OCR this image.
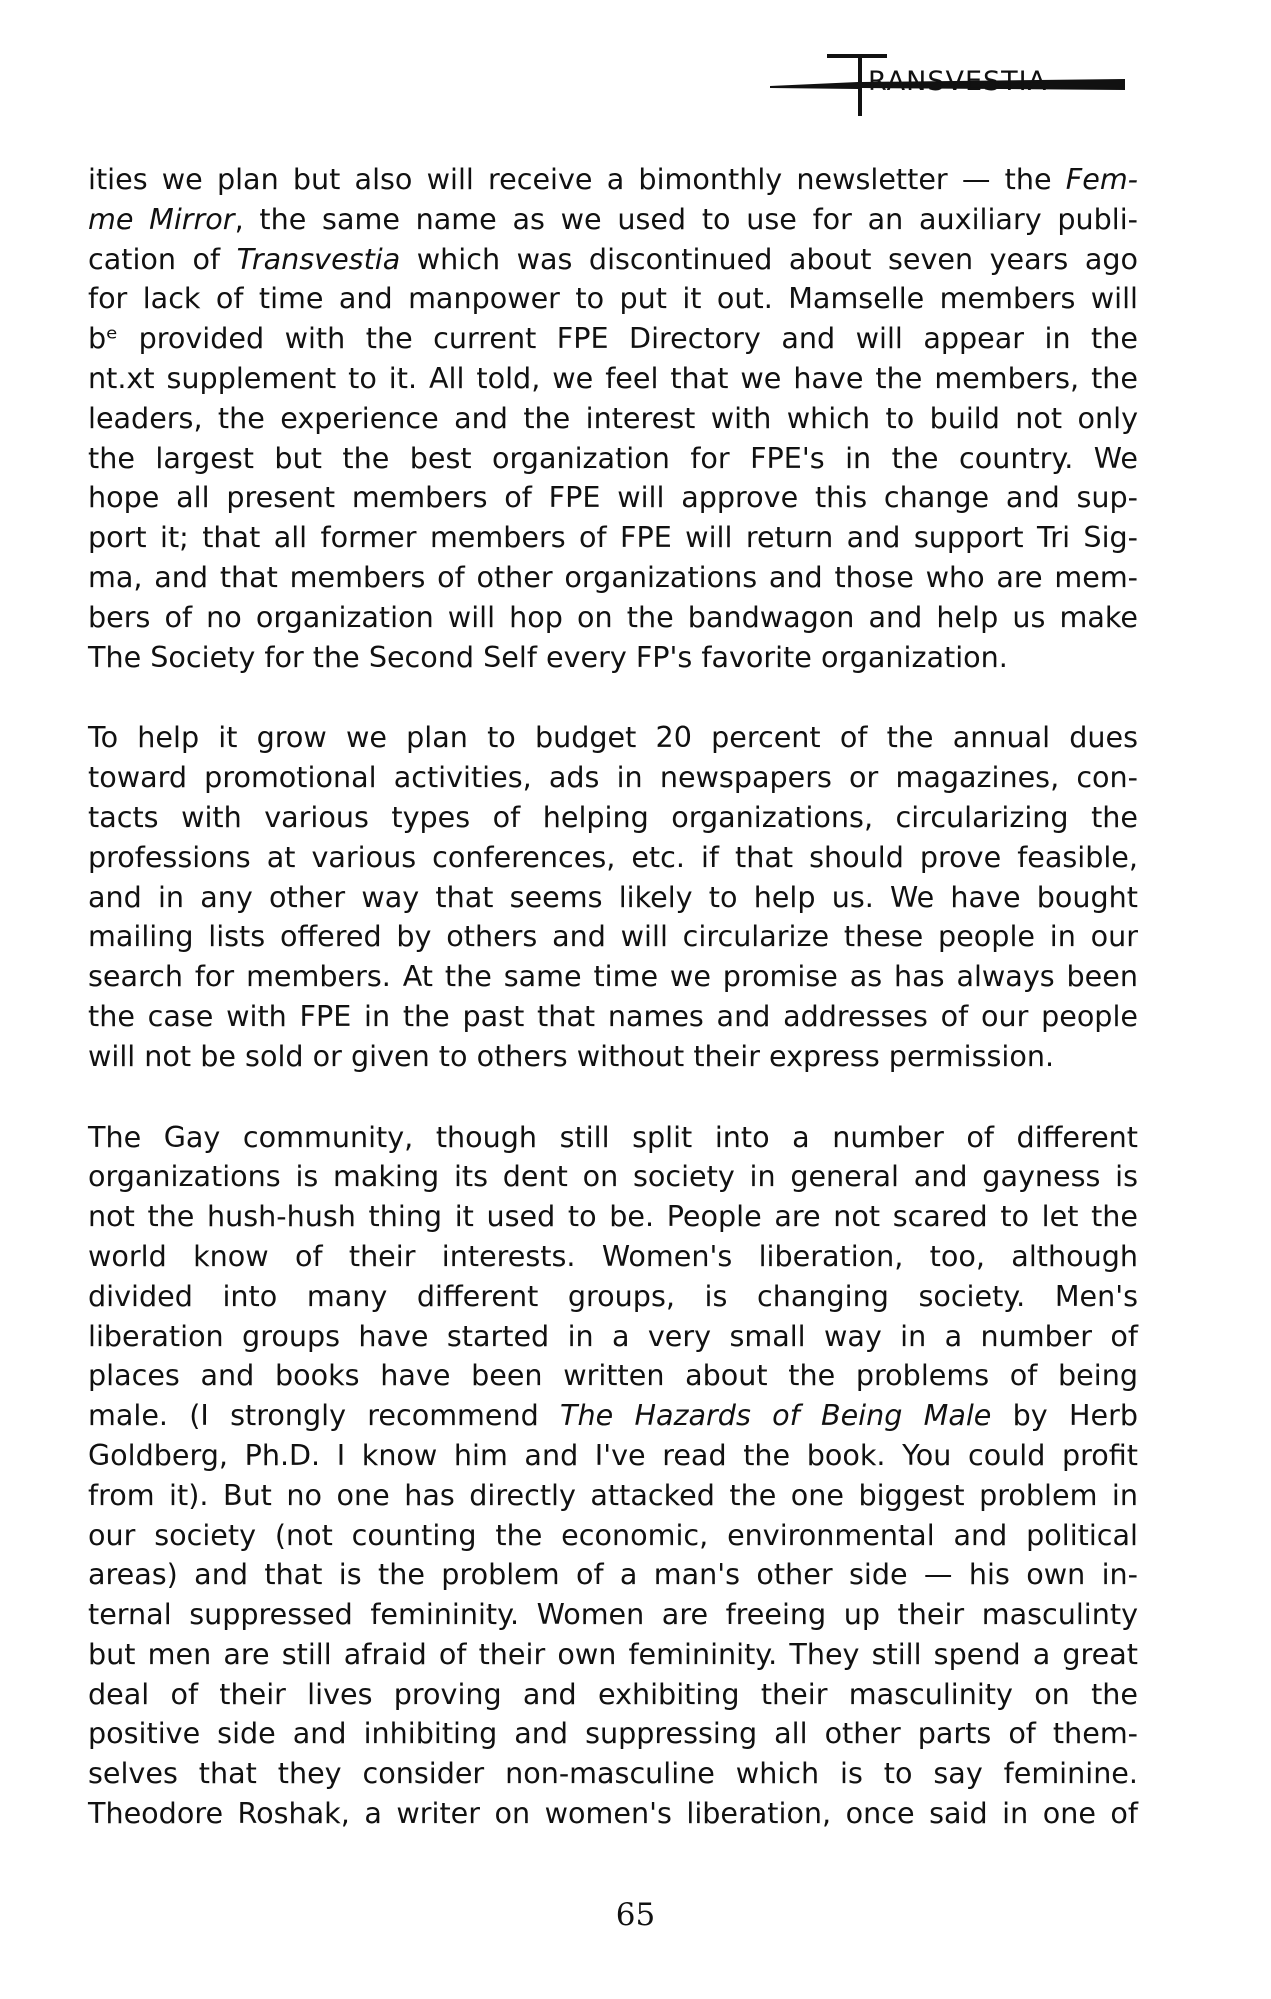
RANSVESTIA

ities we plan but also will receive a bimonthly newsletter — the Fem-
me Mirror, the same name as we used to use for an auxiliary publi-
cation of Transvestia which was discontinued about seven years ago
for lack of time and manpower to put it out. Mamselle members will
bᵉ provided with the current FPE Directory and will appear in the
nt.xt supplement to it. All told, we feel that we have the members, the
leaders, the experience and the interest with which to build not only
the largest but the best organization for FPE's in the country. We
hope all present members of FPE will approve this change and sup-
port it; that all former members of FPE will return and support Tri Sig-
ma, and that members of other organizations and those who are mem-
bers of no organization will hop on the bandwagon and help us make
The Society for the Second Self every FP's favorite organization.

To help it grow we plan to budget 20 percent of the annual dues
toward promotional activities, ads in newspapers or magazines, con-
tacts with various types of helping organizations, circularizing the
professions at various conferences, etc. if that should prove feasible,
and in any other way that seems likely to help us. We have bought
mailing lists offered by others and will circularize these people in our
search for members. At the same time we promise as has always been
the case with FPE in the past that names and addresses of our people
will not be sold or given to others without their express permission.

The Gay community, though still split into a number of different
organizations is making its dent on society in general and gayness is
not the hush-hush thing it used to be. People are not scared to let the
world know of their interests. Women's liberation, too, although
divided into many different groups, is changing society. Men's
liberation groups have started in a very small way in a number of
places and books have been written about the problems of being
male. (I strongly recommend The Hazards of Being Male by Herb
Goldberg, Ph.D. I know him and I've read the book. You could profit
from it). But no one has directly attacked the one biggest problem in
our society (not counting the economic, environmental and political
areas) and that is the problem of a man's other side — his own in-
ternal suppressed femininity. Women are freeing up their masculinty
but men are still afraid of their own femininity. They still spend a great
deal of their lives proving and exhibiting their masculinity on the
positive side and inhibiting and suppressing all other parts of them-
selves that they consider non-masculine which is to say feminine.
Theodore Roshak, a writer on women's liberation, once said in one of

65
